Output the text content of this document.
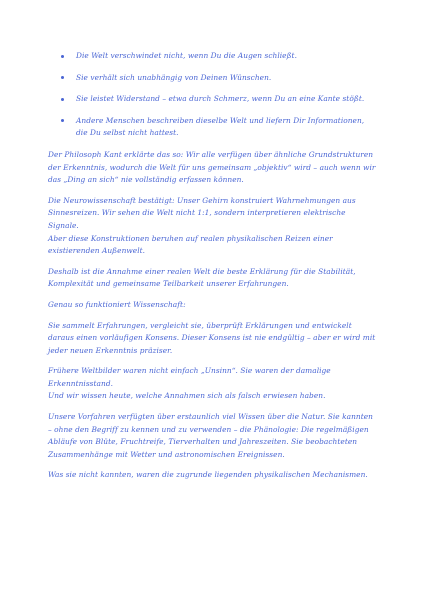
Die Welt verschwindet nicht, wenn Du die Augen schließt.
Sie verhält sich unabhängig von Deinen Wünschen.
Sie leistet Widerstand – etwa durch Schmerz, wenn Du an eine Kante stößt.
Andere Menschen beschreiben dieselbe Welt und liefern Dir Informationen, die Du selbst nicht hattest.

Der Philosoph Kant erklärte das so: Wir alle verfügen über ähnliche Grundstrukturen der Erkenntnis, wodurch die Welt für uns gemeinsam „objektiv“ wird – auch wenn wir das „Ding an sich“ nie vollständig erfassen können.

Die Neurowissenschaft bestätigt: Unser Gehirn konstruiert Wahrnehmungen aus Sinnesreizen. Wir sehen die Welt nicht 1:1, sondern interpretieren elektrische Signale.

Aber diese Konstruktionen beruhen auf realen physikalischen Reizen einer existierenden Außenwelt.

Deshalb ist die Annahme einer realen Welt die beste Erklärung für die Stabilität, Komplexität und gemeinsame Teilbarkeit unserer Erfahrungen.

Genau so funktioniert Wissenschaft:

Sie sammelt Erfahrungen, vergleicht sie, überprüft Erklärungen und entwickelt daraus einen vorläufigen Konsens. Dieser Konsens ist nie endgültig – aber er wird mit jeder neuen Erkenntnis präziser.

Frühere Weltbilder waren nicht einfach „Unsinn“. Sie waren der damalige Erkenntnisstand.

Und wir wissen heute, welche Annahmen sich als falsch erwiesen haben.

Unsere Vorfahren verfügten über erstaunlich viel Wissen über die Natur. Sie kannten – ohne den Begriff zu kennen und zu verwenden – die Phänologie: Die regelmäßigen Abläufe von Blüte, Fruchtreife, Tierverhalten und Jahreszeiten. Sie beobachteten Zusammenhänge mit Wetter und astronomischen Ereignissen.

Was sie nicht kannten, waren die zugrunde liegenden physikalischen Mechanismen.
